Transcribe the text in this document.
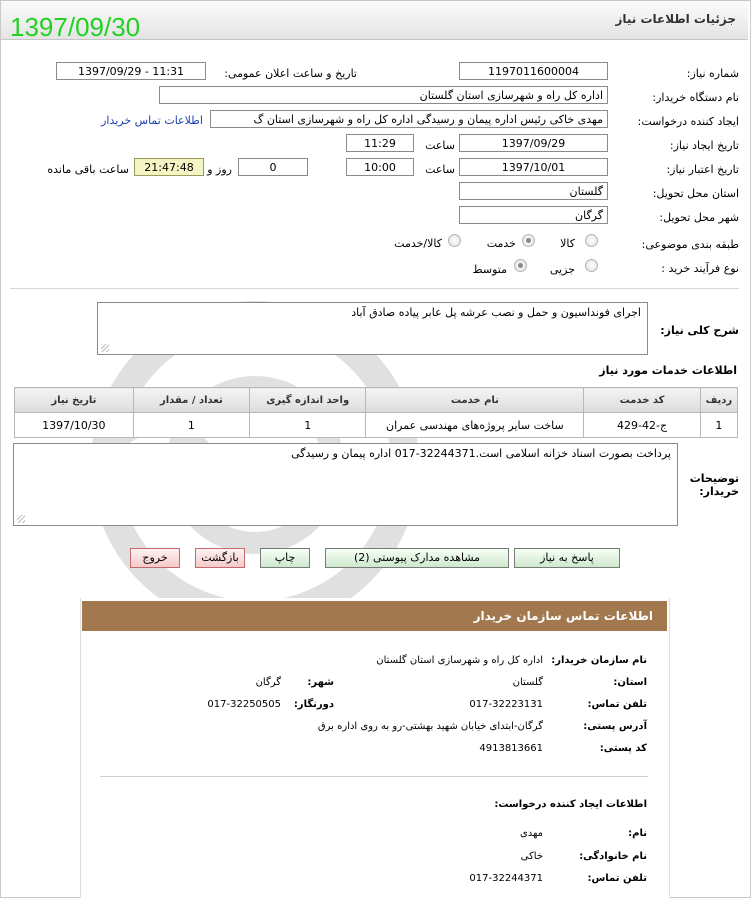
جزئیات اطلاعات نیاز
1397/09/30
شماره نیاز:
1197011600004
تاریخ و ساعت اعلان عمومی:
1397/09/29 - 11:31
نام دستگاه خریدار:
اداره کل راه و شهرسازی استان گلستان
ایجاد کننده درخواست:
مهدی خاکی رئیس اداره پیمان و رسیدگی اداره کل راه و شهرسازی استان گ
اطلاعات تماس خریدار
تاریخ ایجاد نیاز:
1397/09/29
ساعت
11:29
تاریخ اعتبار نیاز:
1397/10/01
ساعت
10:00
0
روز و
21:47:48
ساعت باقی مانده
استان محل تحویل:
گلستان
شهر محل تحویل:
گرگان
طبقه بندی موضوعی:
کالا
خدمت
کالا/خدمت
نوع فرآیند خرید :
جزیی
متوسط
شرح کلی نیاز:
اجرای فونداسیون و حمل و نصب عرشه پل عابر پیاده صادق آباد
اطلاعات خدمات مورد نیاز
ردیف	کد خدمت	نام خدمت	واحد اندازه گیری	تعداد / مقدار	تاریخ نیاز
1	ج-42-429	ساخت سایر پروژه‌های مهندسی عمران	1	1	1397/10/30
توضیحات خریدار:
پرداخت بصورت اسناد خزانه اسلامی است.32244371-017 اداره پیمان و رسیدگی
پاسخ به نیاز
مشاهده مدارک پیوستی (2)
چاپ
بازگشت
خروج
اطلاعات تماس سازمان خریدار
نام سازمان خریدار:
اداره کل راه و شهرسازی استان گلستان
استان:
گلستان
شهر:
گرگان
تلفن تماس:
017-32223131
دورنگار:
017-32250505
آدرس پستی:
گرگان-ابتدای خیابان شهید بهشتی-رو به روی اداره برق
کد پستی:
4913813661
اطلاعات ایجاد کننده درخواست:
نام:
مهدی
نام خانوادگی:
خاکی
تلفن تماس:
017-32244371
